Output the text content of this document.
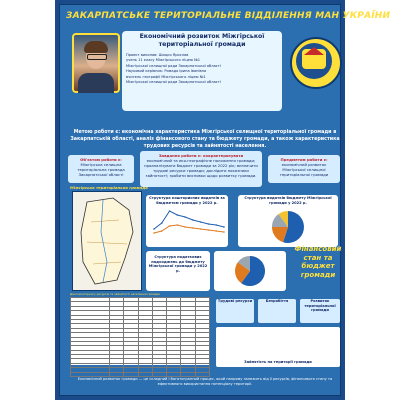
ЗАКАРПАТСЬКЕ ТЕРИТОРІАЛЬНЕ ВІДДІЛЕННЯ МАН УКРАЇНИ
Економічний розвиток Міжгірської територіальної громади
Проект виконав: Шицко Ярослав
учень 11 класу Міжгірського ліцею №1
Міжгірської селищної ради Закарпатської області
Науковий керівник: Ромадо Ірина Іванівна
вчитель географії Міжгірського ліцею №1
Міжгірської селищної ради Закарпатської області
Метою роботи є: економічна характеристика Міжгірської селищної територіальної громади в Закарпатській області, аналіз фінансового стану та бюджету громади, а також характеристика трудових ресурсів та зайнятості населення.
Об'єктом роботи є:
Міжгірська селищна територіальна громада Закарпатської області
Завдання роботи є: охарактеризувати
економічний та еко-географічне положення громади; проаналізувати бюджет громади за 2022 рік; визначити трудові ресурси громади; дослідити показники зайнятості; зробити висновки щодо розвитку громади.
Предметом роботи є:
економічний розвиток Міжгірської селищної територіальної громади
Міжгірська територіальна громада
Структура кошторисних видатків за бюджетом громади у 2022 р.
Структура видатків бюджету Міжгірської громади у 2022 р.
Структура податкових надходжень до бюджету Міжгірської громади у 2022 р.
Фінансовий стан та бюджет громади
Дані моніторингу ресурсів та зайнятості населення громади

Трудові ресурси	Безробіття	Розвиток територіальної громади
Зайнятість на території громади
Економічний розвиток громади — це складний і багатогранний процес, який напряму залежить від її ресурсів, фінансового стану та ефективного використання потенціалу території.
